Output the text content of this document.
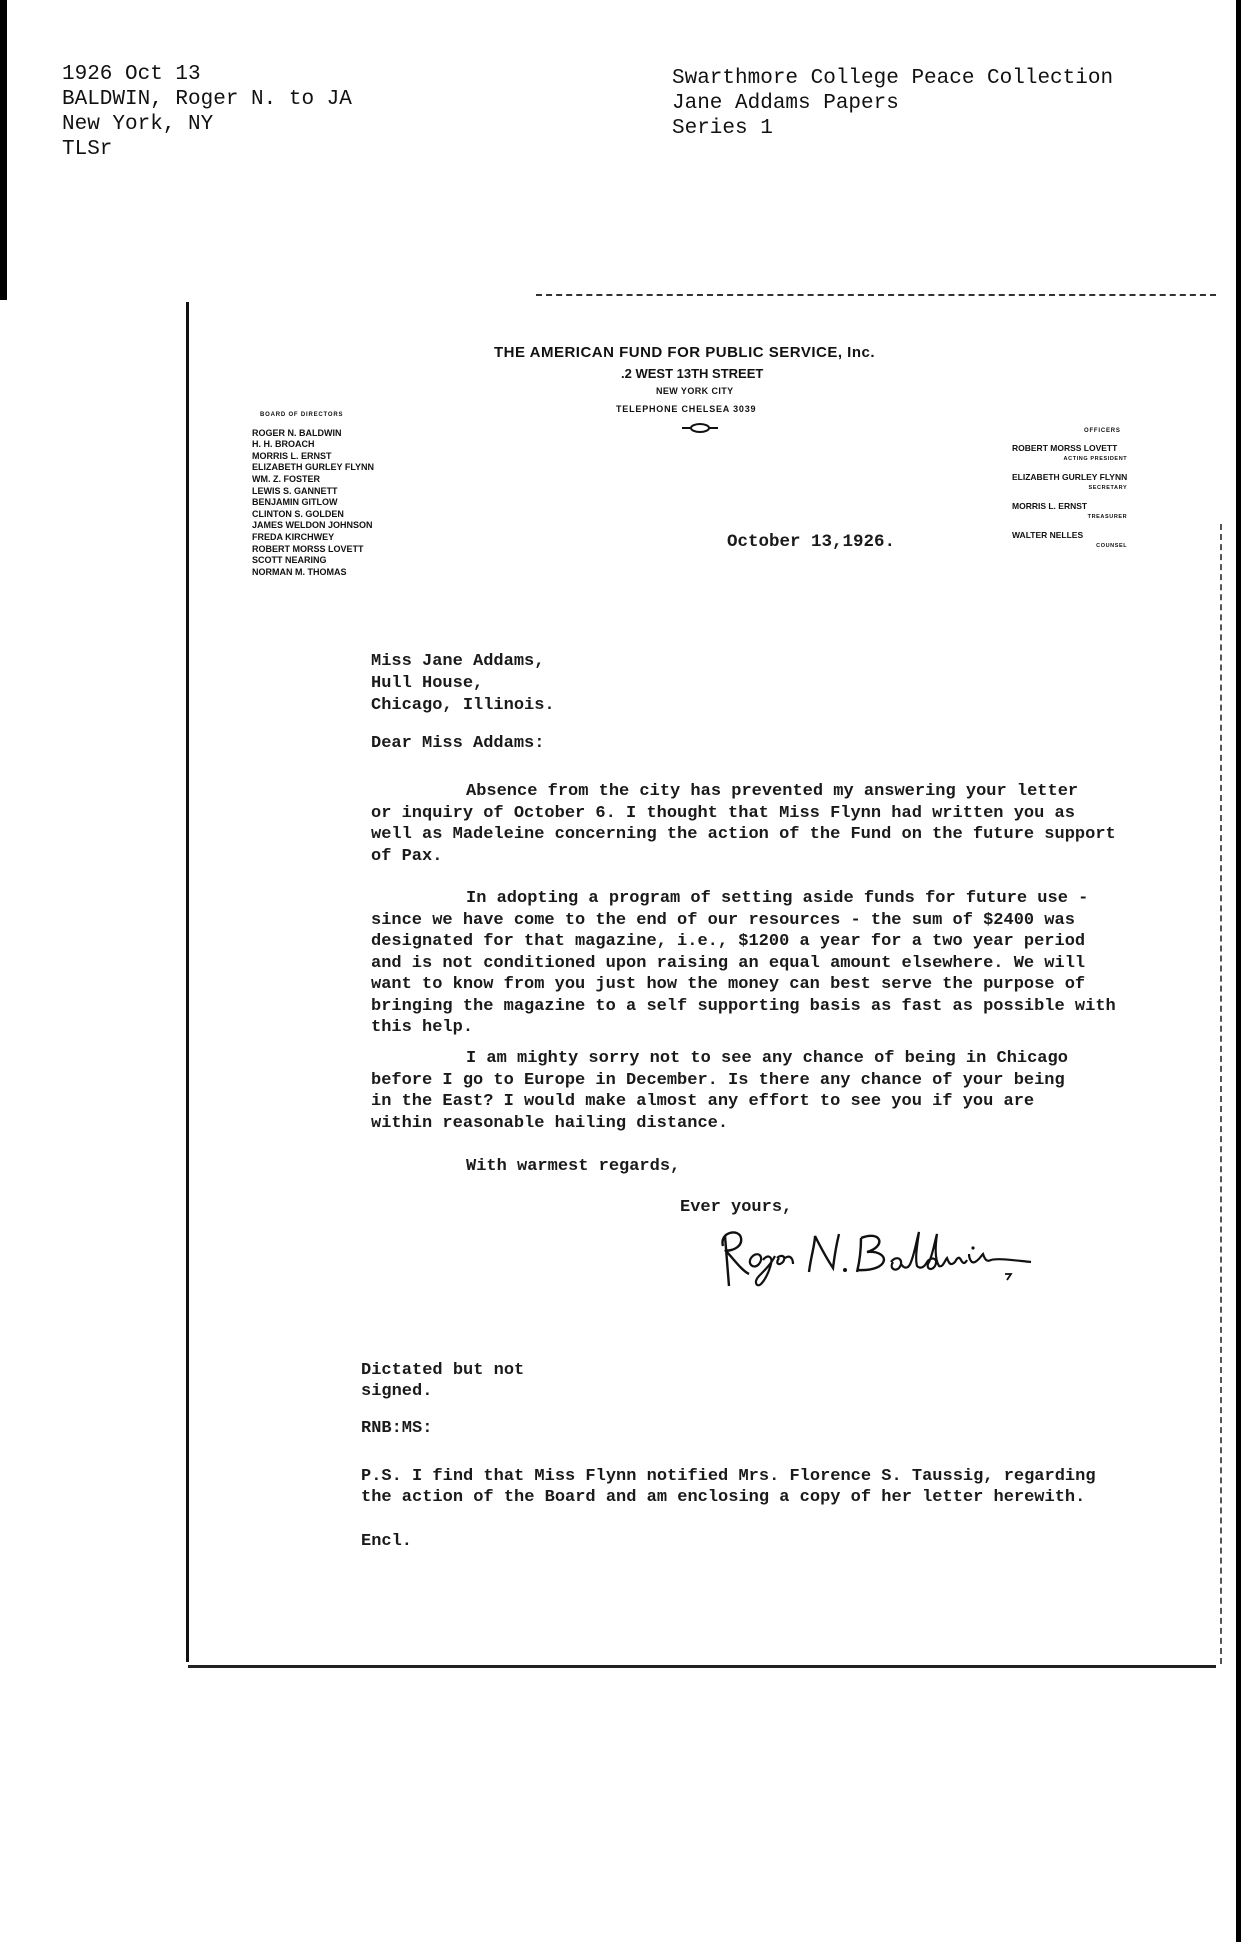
1926 Oct 13
BALDWIN, Roger N. to JA
New York, NY
TLSr
Swarthmore College Peace Collection
Jane Addams Papers
Series 1
THE AMERICAN FUND FOR PUBLIC SERVICE, Inc.
.2 WEST 13TH STREET
NEW YORK CITY
TELEPHONE CHELSEA 3039
BOARD OF DIRECTORS
ROGER N. BALDWIN
H. H. BROACH
MORRIS L. ERNST
ELIZABETH GURLEY FLYNN
WM. Z. FOSTER
LEWIS S. GANNETT
BENJAMIN GITLOW
CLINTON S. GOLDEN
JAMES WELDON JOHNSON
FREDA KIRCHWEY
ROBERT MORSS LOVETT
SCOTT NEARING
NORMAN M. THOMAS
OFFICERS
ROBERT MORSS LOVETT
ACTING PRESIDENT
ELIZABETH GURLEY FLYNN
SECRETARY
MORRIS L. ERNST
TREASURER
WALTER NELLES
COUNSEL
October 13,1926.
Miss Jane Addams,
Hull House,
Chicago, Illinois.
Dear Miss Addams:
Absence from the city has prevented my answering your letter
or inquiry of October 6. I thought that Miss Flynn had written you as
well as Madeleine concerning the action of the Fund on the future support
of Pax.
In adopting a program of setting aside funds for future use -
since we have come to the end of our resources - the sum of $2400 was
designated for that magazine, i.e., $1200 a year for a two year period
and is not conditioned upon raising an equal amount elsewhere. We will
want to know from you just how the money can best serve the purpose of
bringing the magazine to a self supporting basis as fast as possible with
this help.
I am mighty sorry not to see any chance of being in Chicago
before I go to Europe in December. Is there any chance of your being
in the East? I would make almost any effort to see you if you are
within reasonable hailing distance.
With warmest regards,
Ever yours,
Dictated but not
signed.
RNB:MS:
P.S. I find that Miss Flynn notified Mrs. Florence S. Taussig, regarding
the action of the Board and am enclosing a copy of her letter herewith.
Encl.
